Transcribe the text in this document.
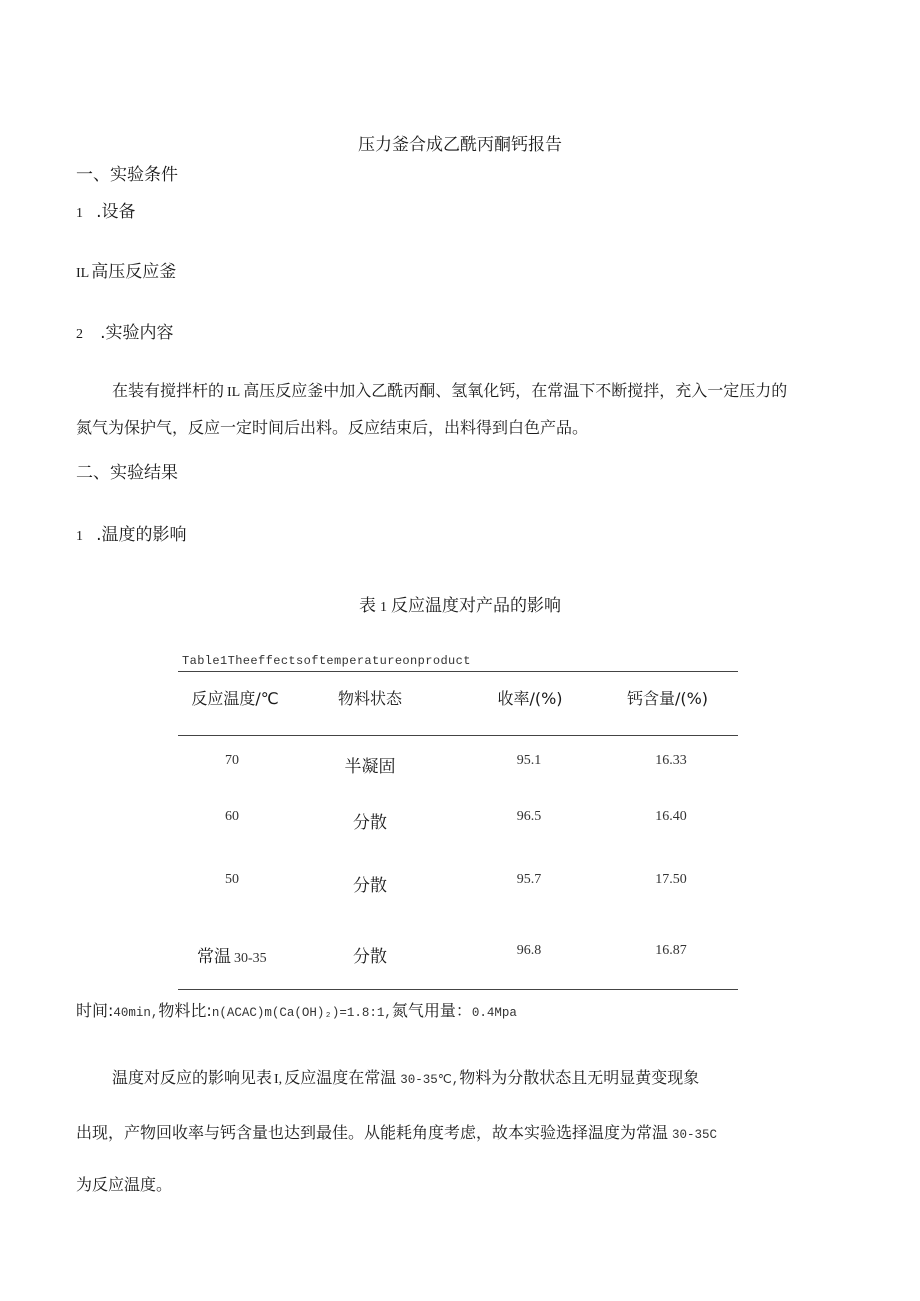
压力釜合成乙酰丙酮钙报告
一、实验条件
1 .设备
IL 高压反应釜
2 .实验内容
在装有搅拌杆的 IL 高压反应釜中加入乙酰丙酮、氢氧化钙，在常温下不断搅拌，充入一定压力的
氮气为保护气，反应一定时间后出料。反应结束后，出料得到白色产品。
二、实验结果
1 .温度的影响
表 1 反应温度对产品的影响
Table1Theeffectsoftemperatureonproduct
反应温度/℃	物料状态	收率/(%)	钙含量/(%)
70	半凝固	95.1	16.33
60	分散	96.5	16.40
50	分散	95.7	17.50
常温 30-35	分散	96.8	16.87
时间:40min,物料比:n(ACAC)m(Ca(OH)₂)=1.8:1,氮气用量：0.4Mpa
温度对反应的影响见表 I, 反应温度在常温 30-35℃,物料为分散状态且无明显黄变现象
出现，产物回收率与钙含量也达到最佳。从能耗角度考虑，故本实验选择温度为常温 30-35C
为反应温度。
